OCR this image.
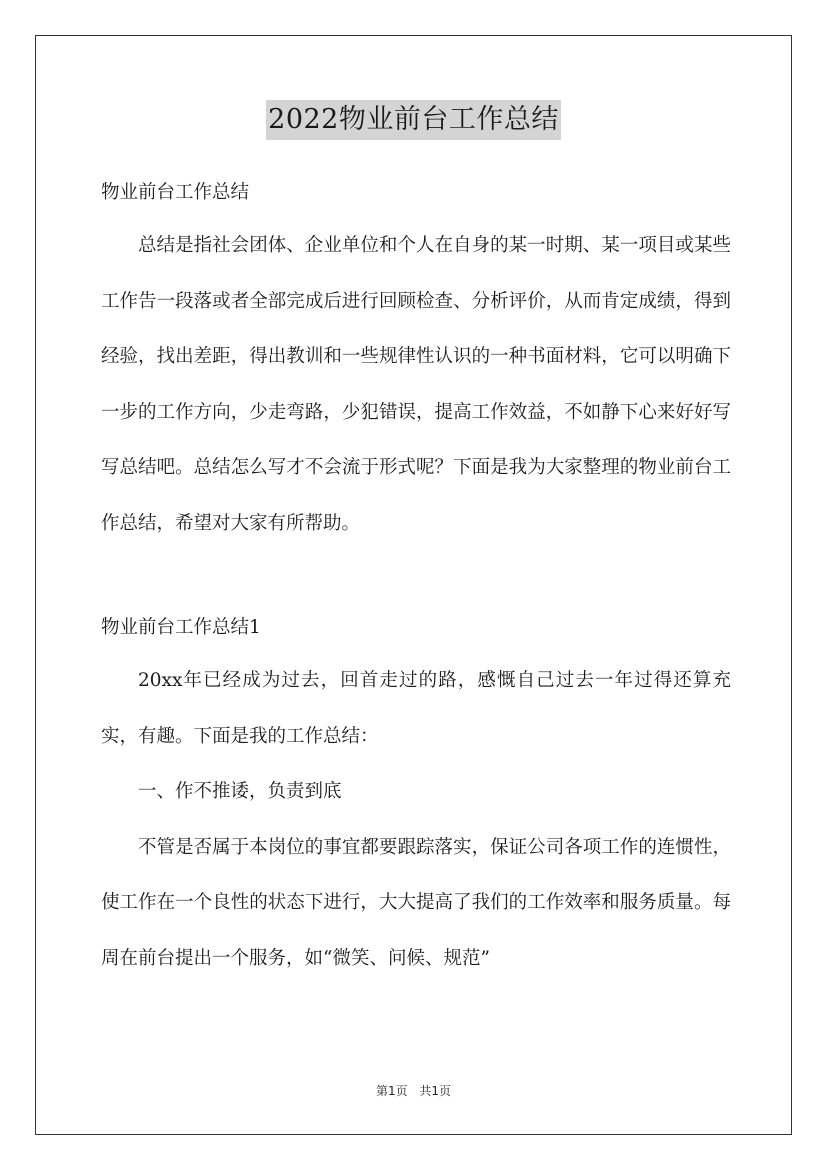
2022物业前台工作总结

物业前台工作总结

总结是指社会团体、企业单位和个人在自身的某一时期、某一项目或某些工作告一段落或者全部完成后进行回顾检查、分析评价，从而肯定成绩，得到经验，找出差距，得出教训和一些规律性认识的一种书面材料，它可以明确下一步的工作方向，少走弯路，少犯错误，提高工作效益，不如静下心来好好写写总结吧。总结怎么写才不会流于形式呢？下面是我为大家整理的物业前台工作总结，希望对大家有所帮助。

物业前台工作总结1

20xx年已经成为过去，回首走过的路，感慨自己过去一年过得还算充实，有趣。下面是我的工作总结：

一、作不推诿，负责到底

不管是否属于本岗位的事宜都要跟踪落实，保证公司各项工作的连惯性，使工作在一个良性的状态下进行，大大提高了我们的工作效率和服务质量。每周在前台提出一个服务，如“微笑、问候、规范”

第1页 共1页
